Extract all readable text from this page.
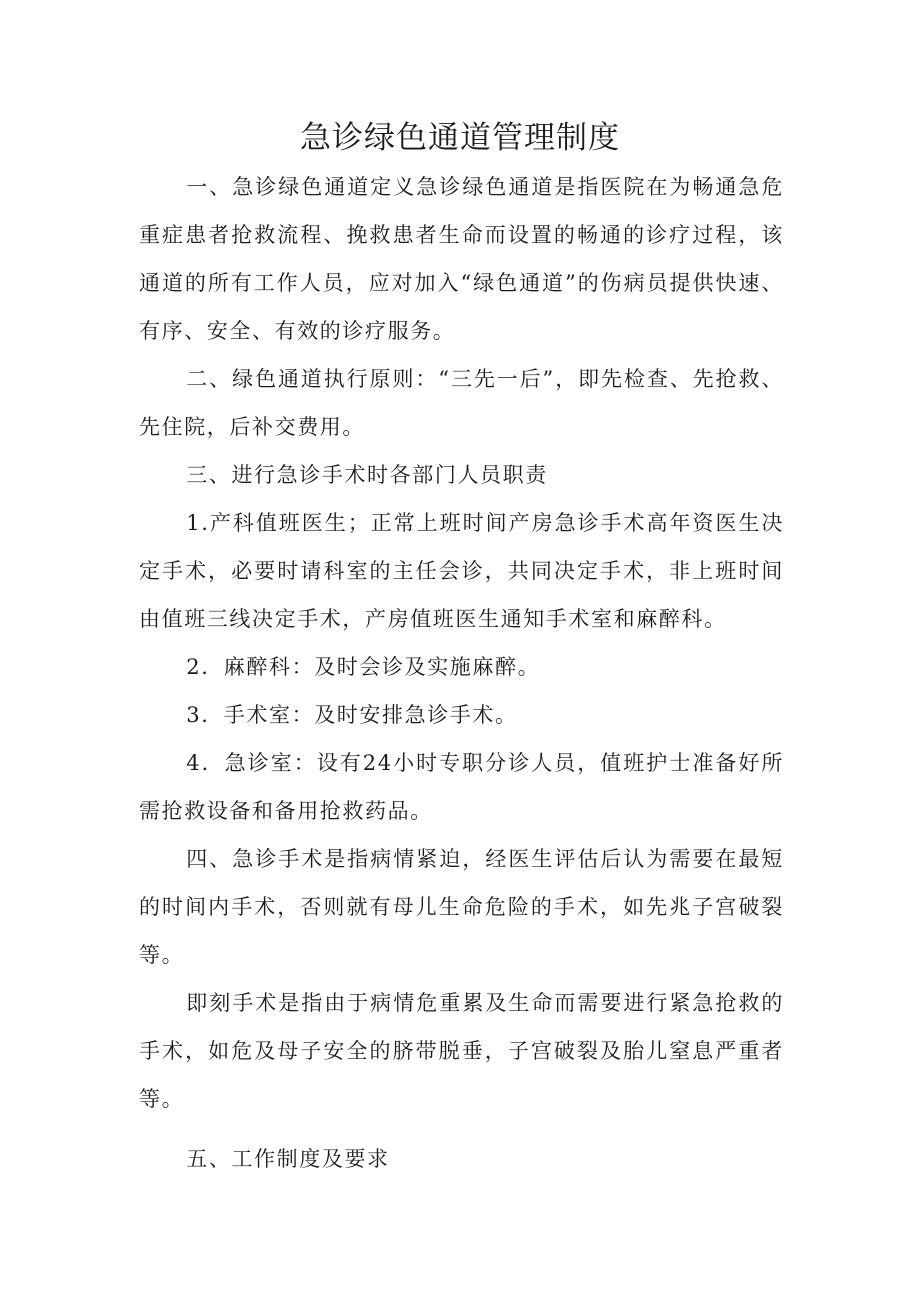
急诊绿色通道管理制度

一、急诊绿色通道定义急诊绿色通道是指医院在为畅通急危重症患者抢救流程、挽救患者生命而设置的畅通的诊疗过程，该通道的所有工作人员，应对加入“绿色通道”的伤病员提供快速、有序、安全、有效的诊疗服务。

二、绿色通道执行原则：“三先一后”，即先检查、先抢救、先住院，后补交费用。

三、进行急诊手术时各部门人员职责

1.产科值班医生；正常上班时间产房急诊手术高年资医生决定手术，必要时请科室的主任会诊，共同决定手术，非上班时间由值班三线决定手术，产房值班医生通知手术室和麻醉科。

2．麻醉科：及时会诊及实施麻醉。

3．手术室：及时安排急诊手术。

4．急诊室：设有24小时专职分诊人员，值班护士准备好所需抢救设备和备用抢救药品。

四、急诊手术是指病情紧迫，经医生评估后认为需要在最短的时间内手术，否则就有母儿生命危险的手术，如先兆子宫破裂等。

即刻手术是指由于病情危重累及生命而需要进行紧急抢救的手术，如危及母子安全的脐带脱垂，子宫破裂及胎儿窒息严重者等。

五、工作制度及要求
